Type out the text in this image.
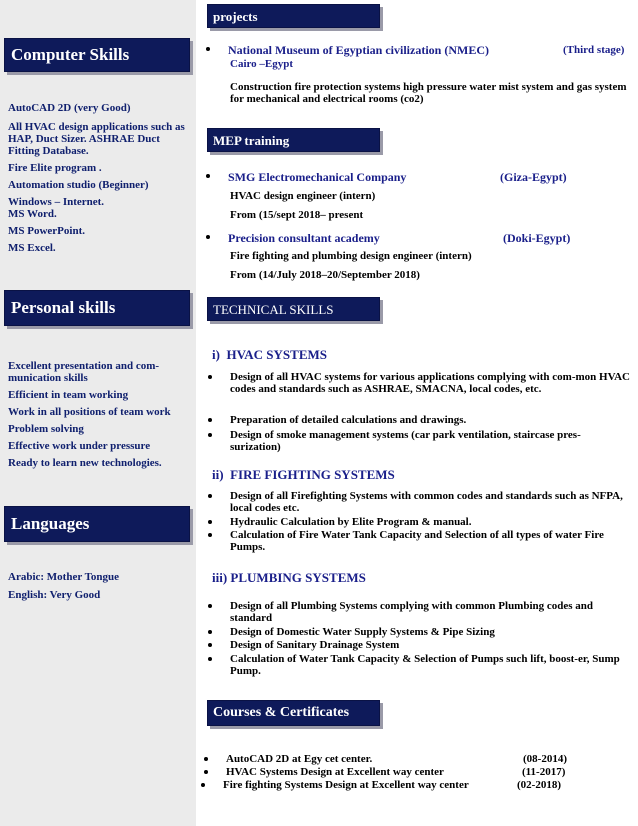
Computer Skills
AutoCAD 2D (very Good)
All HVAC design applications such as HAP, Duct Sizer. ASHRAE Duct Fitting Database.
Fire Elite program .
Automation studio (Beginner)
Windows – Internet. MS Word.
MS PowerPoint.
MS Excel.
Personal skills
Excellent presentation and com-munication skills
Efficient in team working
Work in all positions of team work
Problem solving
Effective work under pressure
Ready to learn new technologies.
Languages
Arabic: Mother Tongue
English: Very Good
projects
National Museum of Egyptian civilization (NMEC)	(Third stage)
Cairo –Egypt
Construction fire protection systems high pressure water mist system and gas system for mechanical and electrical rooms (co2)
MEP training
SMG Electromechanical Company	(Giza-Egypt)
HVAC design engineer (intern)
From (15/sept 2018– present
Precision consultant academy	(Doki-Egypt)
Fire fighting and plumbing design engineer (intern)
From (14/July 2018–20/September 2018)
TECHNICAL SKILLS
i) HVAC SYSTEMS
Design of all HVAC systems for various applications complying with com-mon HVAC codes and standards such as ASHRAE, SMACNA, local codes, etc.
Preparation of detailed calculations and drawings.
Design of smoke management systems (car park ventilation, staircase pres-surization)
ii) FIRE FIGHTING SYSTEMS
Design of all Firefighting Systems with common codes and standards such as NFPA, local codes etc.
Hydraulic Calculation by Elite Program & manual.
Calculation of Fire Water Tank Capacity and Selection of all types of water Fire Pumps.
iii) PLUMBING SYSTEMS
Design of all Plumbing Systems complying with common Plumbing codes and standard
Design of Domestic Water Supply Systems & Pipe Sizing
Design of Sanitary Drainage System
Calculation of Water Tank Capacity & Selection of Pumps such lift, boost-er, Sump Pump.
Courses & Certificates
AutoCAD 2D at Egy cet center.	(08-2014)
HVAC Systems Design at Excellent way center	(11-2017)
Fire fighting Systems Design at Excellent way center	(02-2018)
